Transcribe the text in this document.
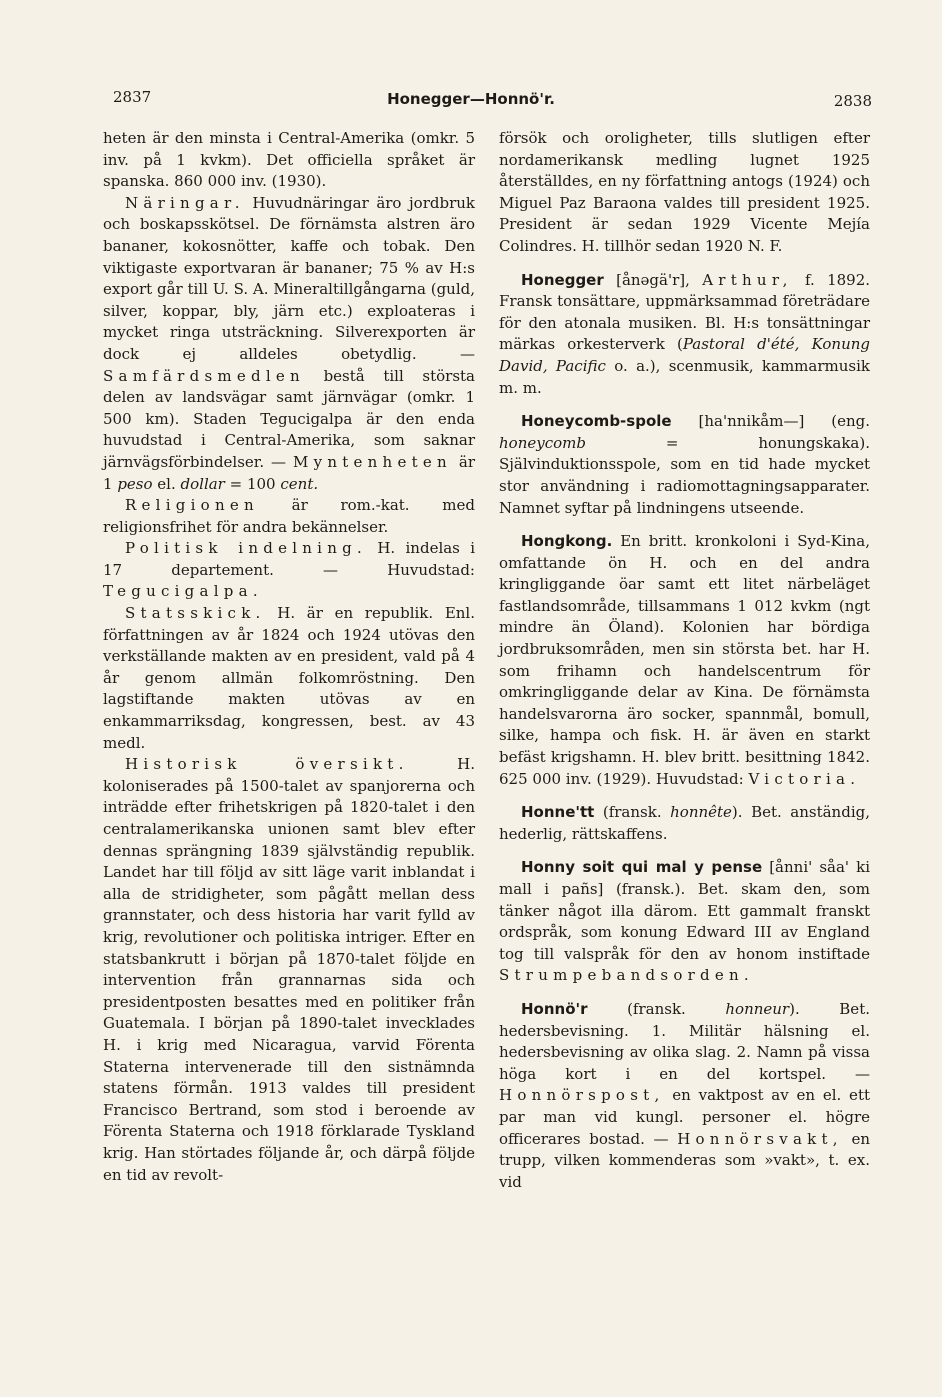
2837	Honegger—Honnö'r.	2838

heten är den minsta i Central-Amerika (omkr. 5 inv. på 1 kvkm). Det officiella språket är spanska. 860 000 inv. (1930).

Näringar. Huvudnäringar äro jordbruk och boskapsskötsel. De förnämsta alstren äro bananer, kokosnötter, kaffe och tobak. Den viktigaste exportvaran är bananer; 75 % av H:s export går till U. S. A. Mineraltillgångarna (guld, silver, koppar, bly, järn etc.) exploateras i mycket ringa utsträckning. Silverexporten är dock ej alldeles obetydlig. — Samfärdsmedlen bestå till största delen av landsvägar samt järnvägar (omkr. 1 500 km). Staden Tegucigalpa är den enda huvudstad i Central-Amerika, som saknar järnvägsförbindelser. — Myntenheten är 1 peso el. dollar = 100 cent.

Religionen är rom.-kat. med religionsfrihet för andra bekännelser.

Politisk indelning. H. indelas i 17 departement. — Huvudstad: Tegucigalpa.

Statsskick. H. är en republik. Enl. författningen av år 1824 och 1924 utövas den verkställande makten av en president, vald på 4 år genom allmän folkomröstning. Den lagstiftande makten utövas av en enkammarriksdag, kongressen, best. av 43 medl.

Historisk översikt. H. koloniserades på 1500-talet av spanjorerna och inträdde efter frihetskrigen på 1820-talet i den centralamerikanska unionen samt blev efter dennas sprängning 1839 självständig republik. Landet har till följd av sitt läge varit inblandat i alla de stridigheter, som pågått mellan dess grannstater, och dess historia har varit fylld av krig, revolutioner och politiska intriger. Efter en statsbankrutt i början på 1870-talet följde en intervention från grannarnas sida och presidentposten besattes med en politiker från Guatemala. I början på 1890-talet invecklades H. i krig med Nicaragua, varvid Förenta Staterna intervenerade till den sistnämnda statens förmån. 1913 valdes till president Francisco Bertrand, som stod i beroende av Förenta Staterna och 1918 förklarade Tyskland krig. Han störtades följande år, och därpå följde en tid av revolt-

försök och oroligheter, tills slutligen efter nordamerikansk medling lugnet 1925 återställdes, en ny författning antogs (1924) och Miguel Paz Baraona valdes till president 1925. President är sedan 1929 Vicente Mejía Colindres. H. tillhör sedan 1920 N. F.

Honegger [ånəgä'r], Arthur, f. 1892. Fransk tonsättare, uppmärksammad företrädare för den atonala musiken. Bl. H:s tonsättningar märkas orkesterverk (Pastoral d'été, Konung David, Pacific o. a.), scenmusik, kammarmusik m. m.

Honeycomb-spole [ha'nnikåm—] (eng. honeycomb = honungskaka). Självinduktionsspole, som en tid hade mycket stor användning i radiomottagningsapparater. Namnet syftar på lindningens utseende.

Hongkong. En britt. kronkoloni i Syd-Kina, omfattande ön H. och en del andra kringliggande öar samt ett litet närbeläget fastlandsområde, tillsammans 1 012 kvkm (ngt mindre än Öland). Kolonien har bördiga jordbruksområden, men sin största bet. har H. som frihamn och handelscentrum för omkringliggande delar av Kina. De förnämsta handelsvarorna äro socker, spannmål, bomull, silke, hampa och fisk. H. är även en starkt befäst krigshamn. H. blev britt. besittning 1842. 625 000 inv. (1929). Huvudstad: Victoria.

Honne'tt (fransk. honnête). Bet. anständig, hederlig, rättskaffens.

Honny soit qui mal y pense [ånni' såa' ki mall i pañs] (fransk.). Bet. skam den, som tänker något illa därom. Ett gammalt franskt ordspråk, som konung Edward III av England tog till valspråk för den av honom instiftade Strumpebandsorden.

Honnö'r (fransk. honneur). Bet. hedersbevisning. 1. Militär hälsning el. hedersbevisning av olika slag. 2. Namn på vissa höga kort i en del kortspel. — Honnörspost, en vaktpost av en el. ett par man vid kungl. personer el. högre officerares bostad. — Honnörsvakt, en trupp, vilken kommenderas som »vakt», t. ex. vid
